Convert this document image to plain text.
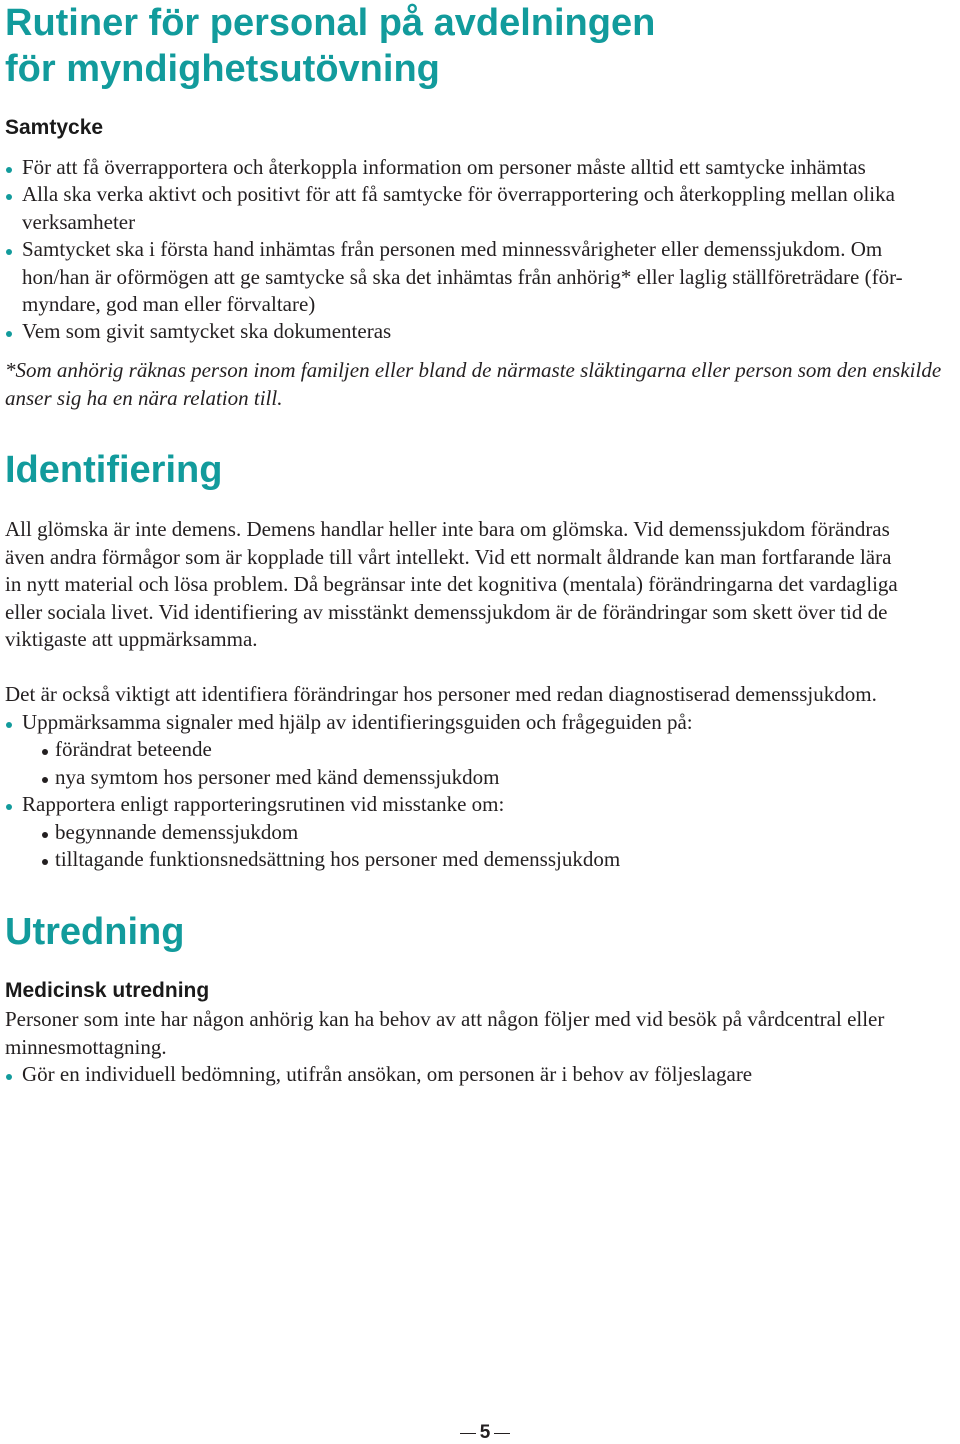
Rutiner för personal på avdelningen
för myndighetsutövning
Samtycke
För att få överrapportera och återkoppla information om personer måste alltid ett samtycke inhämtas
Alla ska verka aktivt och positivt för att få samtycke för överrapportering och återkoppling mellan olika
verksamheter
Samtycket ska i första hand inhämtas från personen med minnessvårigheter eller demenssjukdom. Om
hon/han är oförmögen att ge samtycke så ska det inhämtas från anhörig* eller laglig ställföreträdare (för-
myndare, god man eller förvaltare)
Vem som givit samtycket ska dokumenteras
*Som anhörig räknas person inom familjen eller bland de närmaste släktingarna eller person som den enskilde
anser sig ha en nära relation till.
Identifiering
All glömska är inte demens. Demens handlar heller inte bara om glömska. Vid demenssjukdom förändras
även andra förmågor som är kopplade till vårt intellekt. Vid ett normalt åldrande kan man fortfarande lära
in nytt material och lösa problem. Då begränsar inte det kognitiva (mentala) förändringarna det vardagliga
eller sociala livet. Vid identifiering av misstänkt demenssjukdom är de förändringar som skett över tid de
viktigaste att uppmärksamma.
Det är också viktigt att identifiera förändringar hos personer med redan diagnostiserad demenssjukdom.
Uppmärksamma signaler med hjälp av identifieringsguiden och frågeguiden på:
förändrat beteende
nya symtom hos personer med känd demenssjukdom
Rapportera enligt rapporteringsrutinen vid misstanke om:
begynnande demenssjukdom
tilltagande funktionsnedsättning hos personer med demenssjukdom
Utredning
Medicinsk utredning
Personer som inte har någon anhörig kan ha behov av att någon följer med vid besök på vårdcentral eller
minnesmottagning.
Gör en individuell bedömning, utifrån ansökan, om personen är i behov av följeslagare
5
